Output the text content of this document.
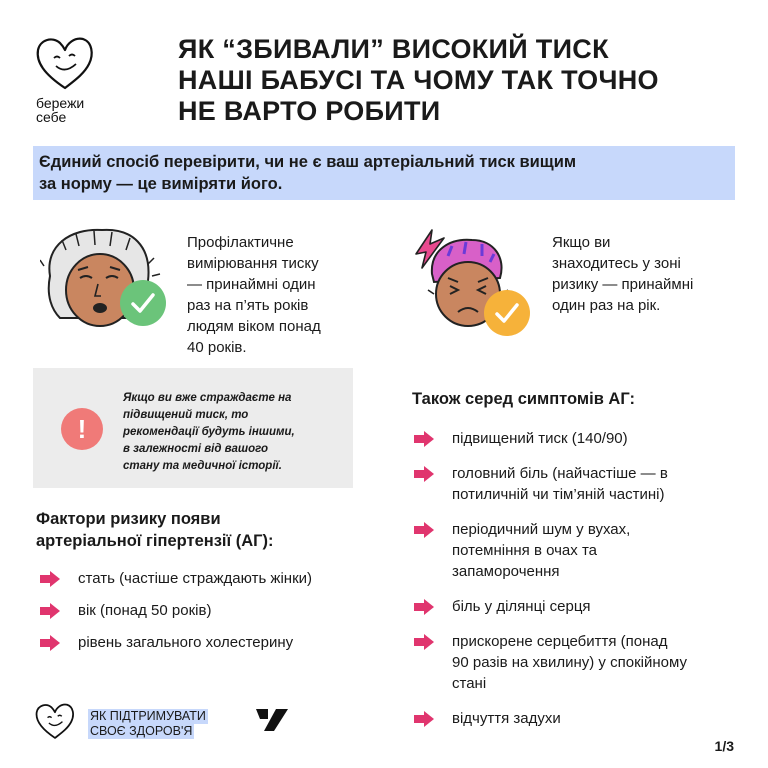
бережи
себе
ЯК “ЗБИВАЛИ” ВИСОКИЙ ТИСК
НАШІ БАБУСІ ТА ЧОМУ ТАК ТОЧНО
НЕ ВАРТО РОБИТИ
Єдиний спосіб перевірити, чи не є ваш артеріальний тиск вищим
за норму — це виміряти його.
Профілактичне
вимірювання тиску
— принаймні один
раз на п’ять років
людям віком понад
40 років.
Якщо ви
знаходитесь у зоні
ризику — принаймні
один раз на рік.
!
Якщо ви вже страждаєте на
підвищений тиск, то
рекомендації будуть іншими,
в залежності від вашого
стану та медичної історії.
Фактори ризику появи
артеріальної гіпертензії (АГ):
стать (частіше страждають жінки)
вік (понад 50 років)
рівень загального холестерину
Також серед симптомів АГ:
підвищений тиск (140/90)
головний біль (найчастіше — в
потиличній чи тім’яній частині)
періодичний шум у вухах,
потемніння в очах та
запаморочення
біль у ділянці серця
прискорене серцебиття (понад
90 разів на хвилину) у спокійному
стані
відчуття задухи
ЯК ПІДТРИМУВАТИ
СВОЄ ЗДОРОВ'Я
1/3
